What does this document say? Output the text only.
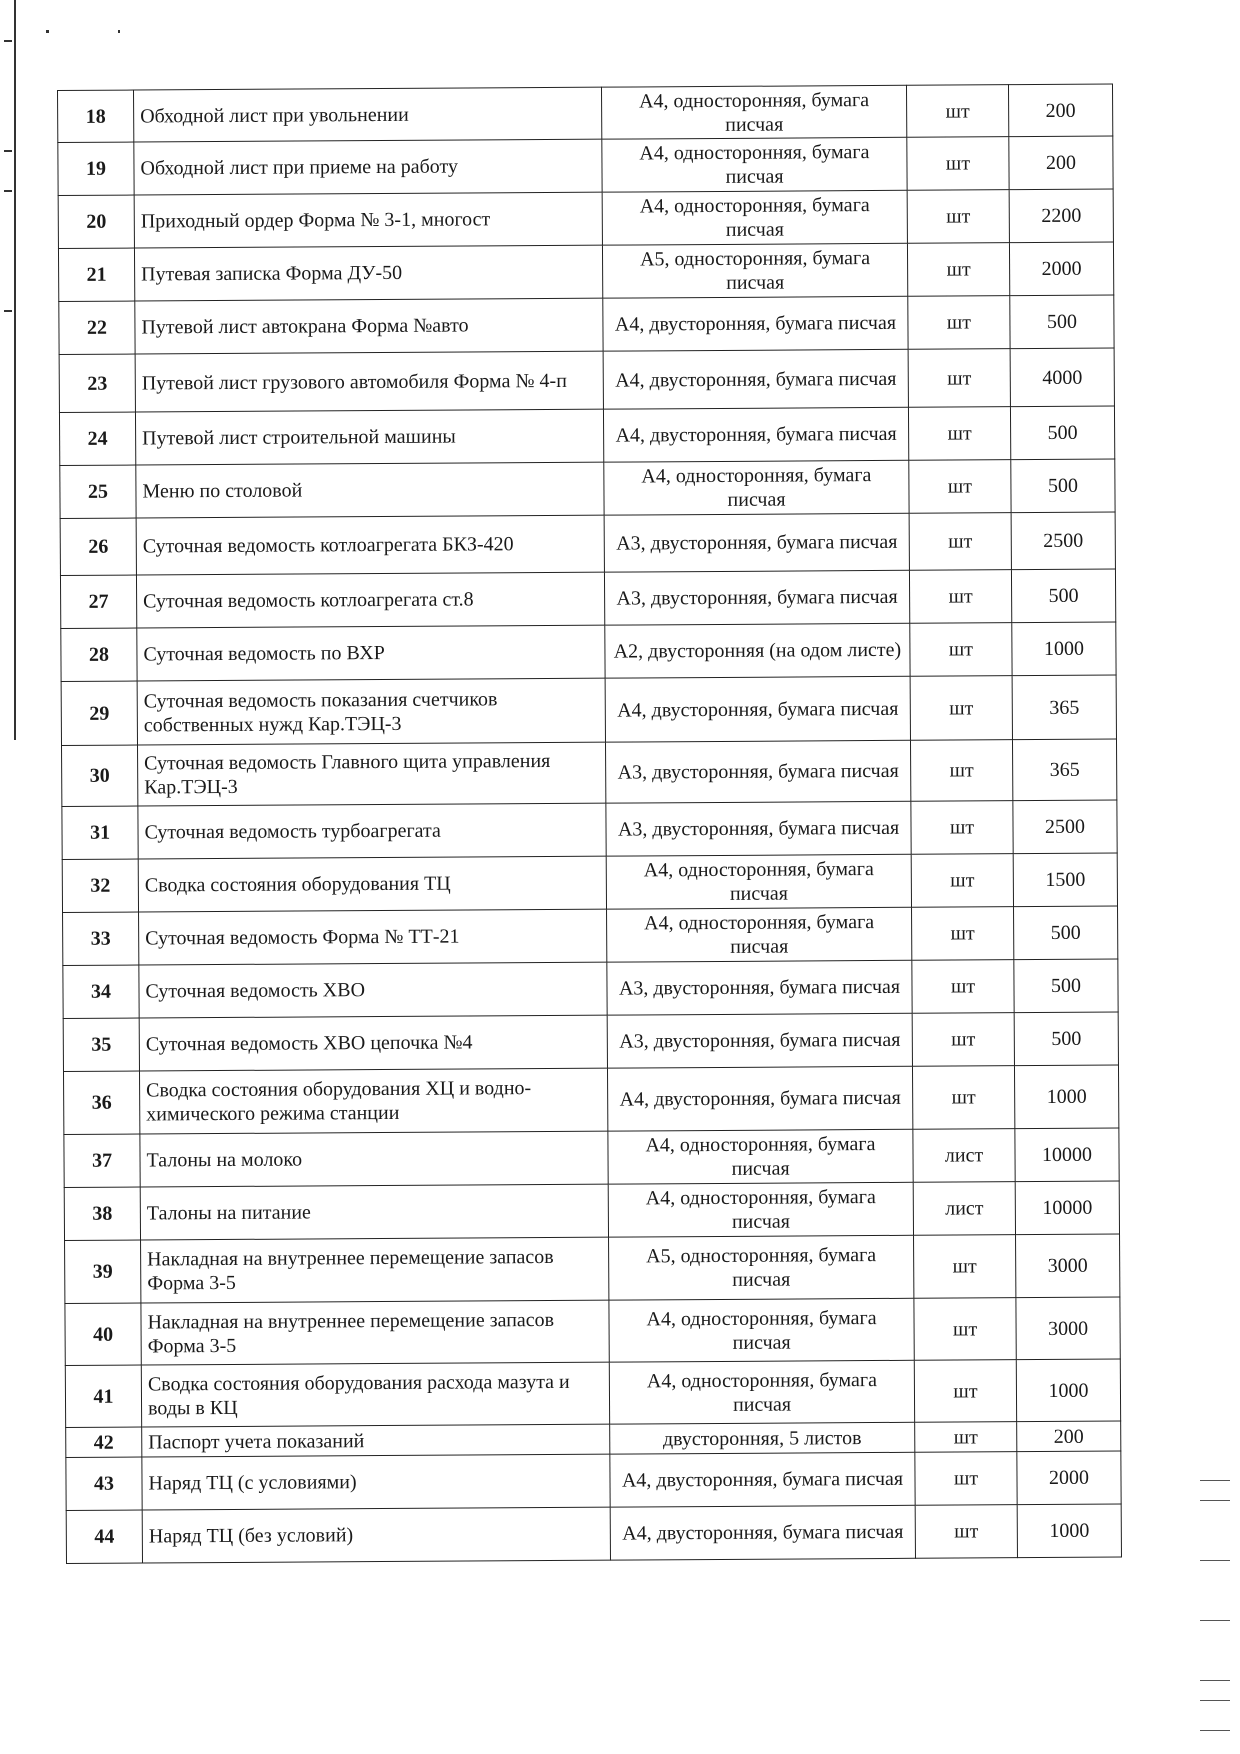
18	Обходной лист при увольнении	А4, односторонняя, бумага писчая	шт	200
19	Обходной лист при приеме на работу	А4, односторонняя, бумага писчая	шт	200
20	Приходный ордер Форма № 3-1, многост	А4, односторонняя, бумага писчая	шт	2200
21	Путевая записка Форма ДУ-50	А5, односторонняя, бумага писчая	шт	2000
22	Путевой лист автокрана Форма №авто	А4, двусторонняя, бумага писчая	шт	500
23	Путевой лист грузового автомобиля Форма № 4-п	А4, двусторонняя, бумага писчая	шт	4000
24	Путевой лист строительной машины	А4, двусторонняя, бумага писчая	шт	500
25	Меню по столовой	А4, односторонняя, бумага писчая	шт	500
26	Суточная ведомость котлоагрегата БКЗ-420	А3, двусторонняя, бумага писчая	шт	2500
27	Суточная ведомость котлоагрегата ст.8	А3, двусторонняя, бумага писчая	шт	500
28	Суточная ведомость по ВХР	А2, двусторонняя (на одом листе)	шт	1000
29	Суточная ведомость показания счетчиков собственных нужд Кар.ТЭЦ-3	А4, двусторонняя, бумага писчая	шт	365
30	Суточная ведомость Главного щита управления Кар.ТЭЦ-3	А3, двусторонняя, бумага писчая	шт	365
31	Суточная ведомость турбоагрегата	А3, двусторонняя, бумага писчая	шт	2500
32	Сводка состояния оборудования ТЦ	А4, односторонняя, бумага писчая	шт	1500
33	Суточная ведомость Форма № ТТ-21	А4, односторонняя, бумага писчая	шт	500
34	Суточная ведомость ХВО	А3, двусторонняя, бумага писчая	шт	500
35	Суточная ведомость ХВО цепочка №4	А3, двусторонняя, бумага писчая	шт	500
36	Сводка состояния оборудования ХЦ и водно-химического режима станции	А4, двусторонняя, бумага писчая	шт	1000
37	Талоны на молоко	А4, односторонняя, бумага писчая	лист	10000
38	Талоны на питание	А4, односторонняя, бумага писчая	лист	10000
39	Накладная на внутреннее перемещение запасов Форма 3-5	А5, односторонняя, бумага писчая	шт	3000
40	Накладная на внутреннее перемещение запасов Форма 3-5	А4, односторонняя, бумага писчая	шт	3000
41	Сводка состояния оборудования расхода мазута и воды в КЦ	А4, односторонняя, бумага писчая	шт	1000
42	Паспорт учета показаний	двусторонняя, 5 листов	шт	200
43	Наряд ТЦ (с условиями)	А4, двусторонняя, бумага писчая	шт	2000
44	Наряд ТЦ (без условий)	А4, двусторонняя, бумага писчая	шт	1000
